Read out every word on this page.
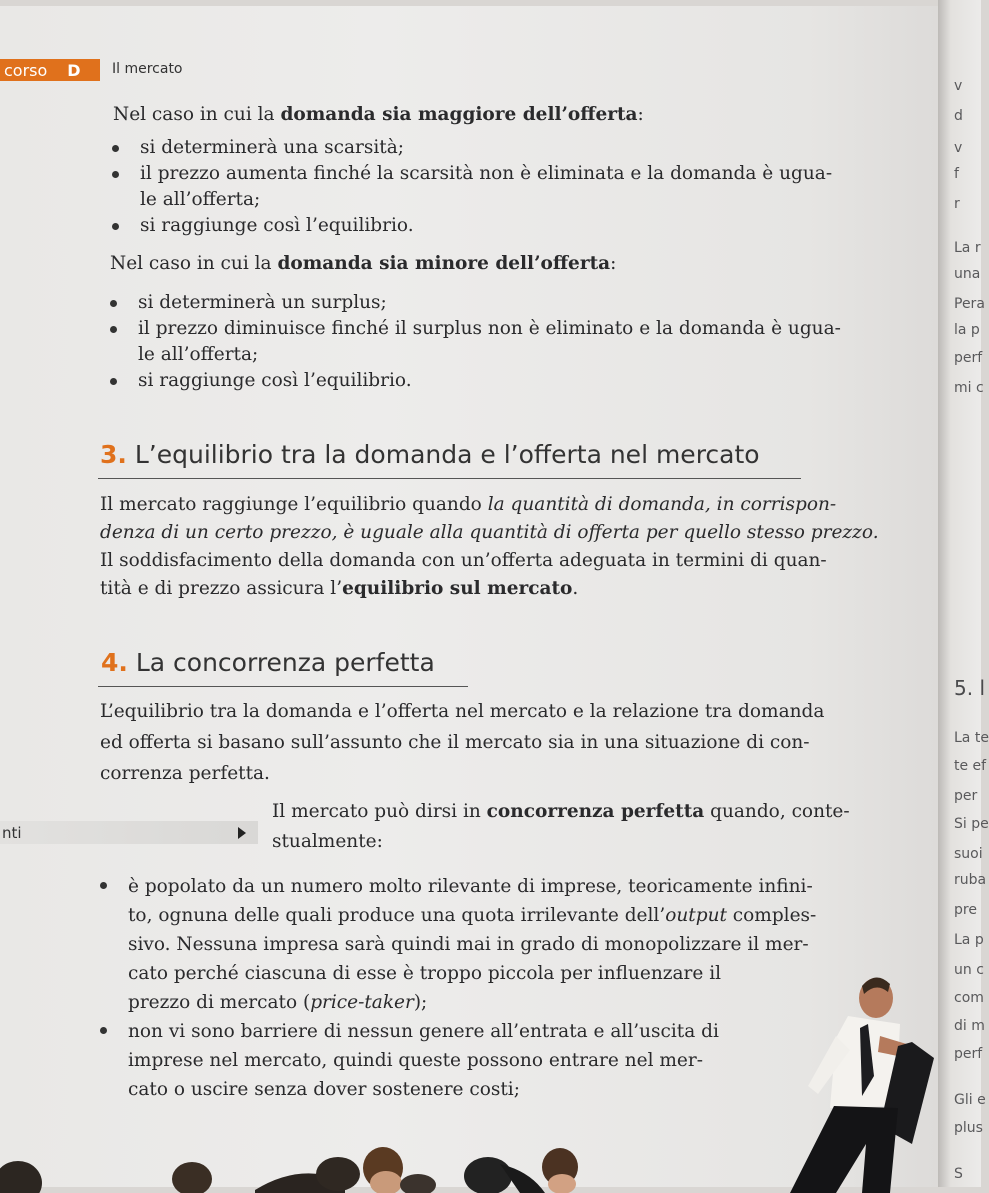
corso D Il mercato
Nel caso in cui la domanda sia maggiore dell’offerta:
si determinerà una scarsità;
il prezzo aumenta finché la scarsità non è eliminata e la domanda è ugua-
le all’offerta;
si raggiunge così l’equilibrio.
Nel caso in cui la domanda sia minore dell’offerta:
si determinerà un surplus;
il prezzo diminuisce finché il surplus non è eliminato e la domanda è ugua-
le all’offerta;
si raggiunge così l’equilibrio.
3. L’equilibrio tra la domanda e l’offerta nel mercato
Il mercato raggiunge l’equilibrio quando la quantità di domanda, in corrispon-
denza di un certo prezzo, è uguale alla quantità di offerta per quello stesso prezzo.
Il soddisfacimento della domanda con un’offerta adeguata in termini di quan-
tità e di prezzo assicura l’equilibrio sul mercato.
4. La concorrenza perfetta
L’equilibrio tra la domanda e l’offerta nel mercato e la relazione tra domanda
ed offerta si basano sull’assunto che il mercato sia in una situazione di con-
correnza perfetta.
nti
Il mercato può dirsi in concorrenza perfetta quando, conte-
stualmente:
è popolato da un numero molto rilevante di imprese, teoricamente infini-
to, ognuna delle quali produce una quota irrilevante dell’output comples-
sivo. Nessuna impresa sarà quindi mai in grado di monopolizzare il mer-
cato perché ciascuna di esse è troppo piccola per influenzare il
prezzo di mercato (price-taker);
non vi sono barriere di nessun genere all’entrata e all’uscita di
imprese nel mercato, quindi queste possono entrare nel mer-
cato o uscire senza dover sostenere costi;
v
d
v
f
r
La r
una
Pera
la p
perf
mi c
5. l
La te
te ef
per
Si pe
suoi
ruba
pre
La p
un c
com
di m
perf
Gli e
plus
S
